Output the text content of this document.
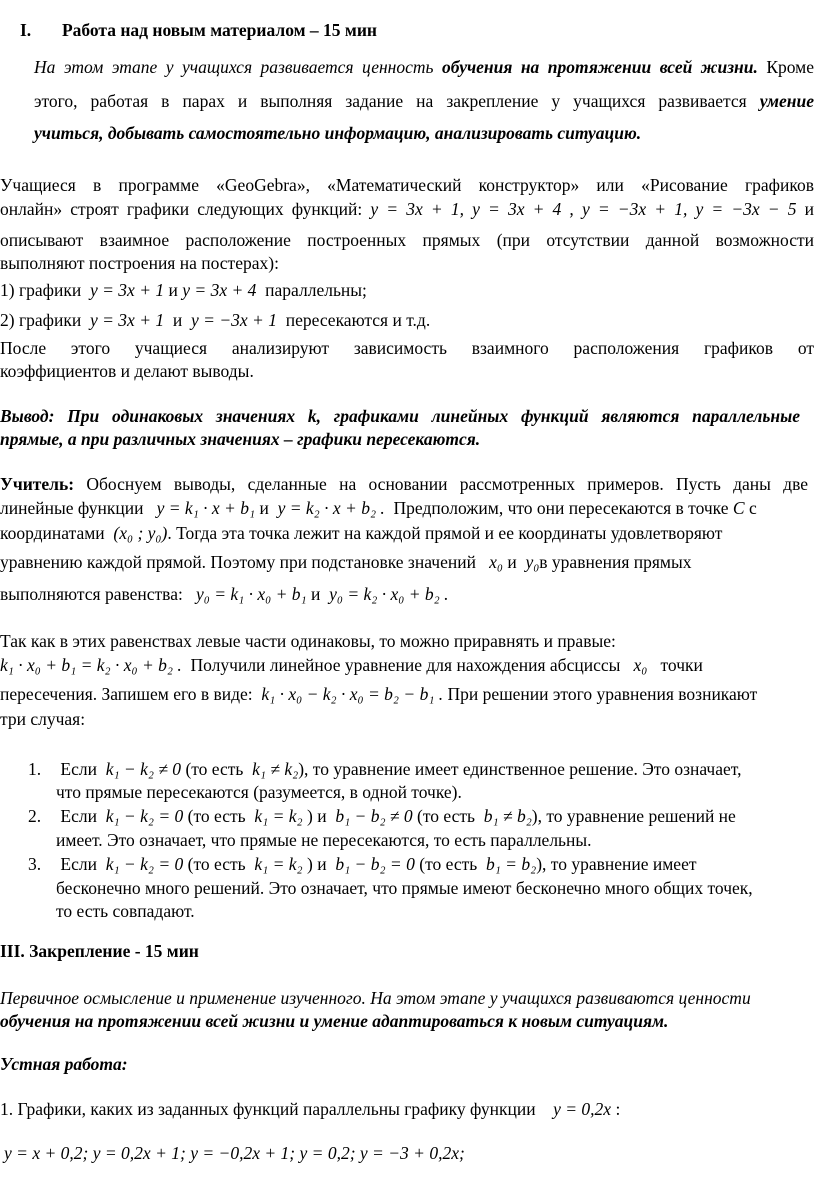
I. Работа над новым материалом – 15 мин
На этом этапе у учащихся развивается ценность обучения на протяжении всей жизни. Кроме
этого, работая в парах и выполняя задание на закрепление у учащихся развивается умение
учиться, добывать самостоятельно информацию, анализировать ситуацию.
Учащиеся в программе «GeoGebra», «Математический конструктор» или «Рисование графиков
онлайн» строят графики следующих функций: y = 3x + 1, y = 3x + 4 , y = −3x + 1, y = −3x − 5 и
описывают взаимное расположение построенных прямых (при отсутствии данной возможности
выполняют построения на постерах):
1) графики y = 3x + 1 и y = 3x + 4 параллельны;
2) графики y = 3x + 1 и y = −3x + 1 пересекаются и т.д.
После этого учащиеся анализируют зависимость взаимного расположения графиков от
коэффициентов и делают выводы.
Вывод: При одинаковых значениях k, графиками линейных функций являются параллельные
прямые, а при различных значениях – графики пересекаются.
Учитель: Обоснуем выводы, сделанные на основании рассмотренных примеров. Пусть даны две
линейные функции y = k₁ · x + b₁ и y = k₂ · x + b₂ . Предположим, что они пересекаются в точке C с
координатами (x₀ ; y₀). Тогда эта точка лежит на каждой прямой и ее координаты удовлетворяют
уравнению каждой прямой. Поэтому при подстановке значений x₀ и y₀в уравнения прямых
выполняются равенства: y₀ = k₁ · x₀ + b₁ и y₀ = k₂ · x₀ + b₂ .
Так как в этих равенствах левые части одинаковы, то можно приравнять и правые:
k₁ · x₀ + b₁ = k₂ · x₀ + b₂ . Получили линейное уравнение для нахождения абсциссы x₀ точки
пересечения. Запишем его в виде: k₁ · x₀ − k₂ · x₀ = b₂ − b₁ . При решении этого уравнения возникают
три случая:
1. Если k₁ − k₂ ≠ 0 (то есть k₁ ≠ k₂), то уравнение имеет единственное решение. Это означает,
что прямые пересекаются (разумеется, в одной точке).
2. Если k₁ − k₂ = 0 (то есть k₁ = k₂ ) и b₁ − b₂ ≠ 0 (то есть b₁ ≠ b₂), то уравнение решений не
имеет. Это означает, что прямые не пересекаются, то есть параллельны.
3. Если k₁ − k₂ = 0 (то есть k₁ = k₂ ) и b₁ − b₂ = 0 (то есть b₁ = b₂), то уравнение имеет
бесконечно много решений. Это означает, что прямые имеют бесконечно много общих точек,
то есть совпадают.
III. Закрепление - 15 мин
Первичное осмысление и применение изученного. На этом этапе у учащихся развиваются ценности
обучения на протяжении всей жизни и умение адаптироваться к новым ситуациям.
Устная работа:
1. Графики, каких из заданных функций параллельны графику функции y = 0,2x :
y = x + 0,2; y = 0,2x + 1; y = −0,2x + 1; y = 0,2; y = −3 + 0,2x;
